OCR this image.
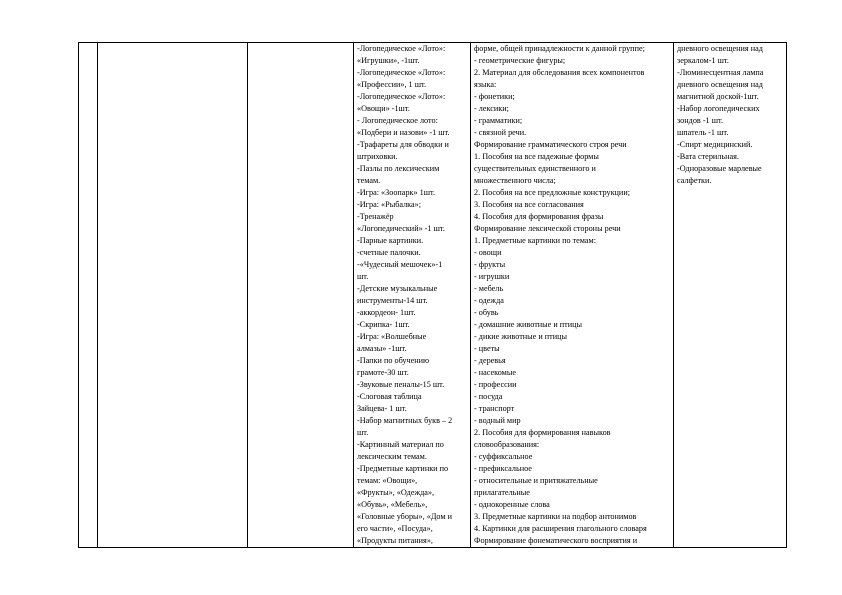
-Логопедическое «Лото»:
«Игрушки», -1шт.
-Логопедическое «Лото»:
«Профессии», 1 шт.
-Логопедическое «Лото»:
«Овощи» -1шт.
- Логопедическое лото:
«Подбери и назови» -1 шт.
-Трафареты для обводки и
штриховки.
-Пазлы по лексическим
темам.
-Игра: «Зоопарк» 1шт.
-Игра: «Рыбалка»;
-Тренажёр
«Логопедический» -1 шт.
-Парные картинки.
-счетные палочки.
-«Чудесный мешочек»-1
шт.
-Детские музыкальные
инструменты-14 шт.
-аккордеон- 1шт.
-Скрипка- 1шт.
-Игра: «Волшебные
алмазы» -1шт.
-Папки по обучению
грамоте-30 шт.
-Звуковые пеналы-15 шт.
-Слоговая таблица
Зайцева- 1 шт.
-Набор магнитных букв – 2
шт.
-Картинный материал по
лексическим темам.
-Предметные картинки по
темам: «Овощи»,
«Фрукты», «Одежда»,
«Обувь», «Мебель»,
«Головные уборы», «Дом и
его части», «Посуда»,
«Продукты питания»,

форме, общей принадлежности к данной группе;
- геометрические фигуры;
2. Материал для обследования всех компонентов
языка:
- фонетики;
- лексики;
- грамматики;
- связной речи.
Формирование грамматического строя речи
1. Пособия на все падежные формы
существительных единственного и
множественного числа;
2. Пособия на все предложные конструкции;
3. Пособия на все согласования
4. Пособия для формирования фразы
Формирование лексической стороны речи
1. Предметные картинки по темам:
- овощи
- фрукты
- игрушки
- мебель
- одежда
- обувь
- домашние животные и птицы
- дикие животные и птицы
- цветы
- деревья
- насекомые
- профессии
- посуда
- транспорт
- водный мир
2. Пособия для формирования навыков
словообразования:
- суффиксальное
- префиксальное
- относительные и притяжательные
прилагательные
- однокоренные слова
3. Предметные картинки на подбор антонимов
4. Картинки для расширения глагольного словаря
Формирование фонематического восприятия и

дневного освещения над
зеркалом-1 шт.
-Люминесцентная лампа
дневного освещения над
магнитной доской-1шт.
-Набор логопедических
зондов -1 шт.
шпатель -1 шт.
-Спирт медицинский.
-Вата стерильная.
-Одноразовые марлевые
салфетки.
